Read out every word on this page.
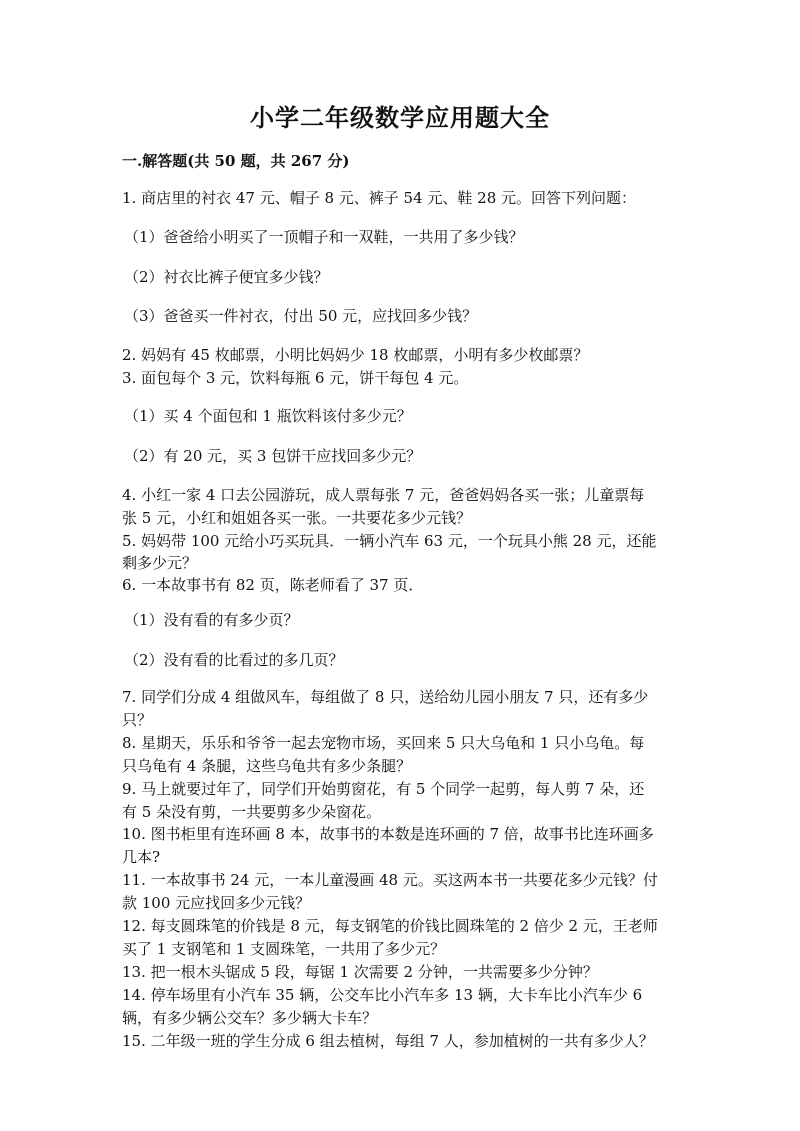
小学二年级数学应用题大全
一.解答题(共 50 题，共 267 分)
1. 商店里的衬衣 47 元、帽子 8 元、裤子 54 元、鞋 28 元。回答下列问题：
（1）爸爸给小明买了一顶帽子和一双鞋，一共用了多少钱？
（2）衬衣比裤子便宜多少钱？
（3）爸爸买一件衬衣，付出 50 元，应找回多少钱？
2. 妈妈有 45 枚邮票，小明比妈妈少 18 枚邮票，小明有多少枚邮票？
3. 面包每个 3 元，饮料每瓶 6 元，饼干每包 4 元。
（1）买 4 个面包和 1 瓶饮料该付多少元？
（2）有 20 元，买 3 包饼干应找回多少元？
4. 小红一家 4 口去公园游玩，成人票每张 7 元，爸爸妈妈各买一张；儿童票每
张 5 元，小红和姐姐各买一张。一共要花多少元钱？
5. 妈妈带 100 元给小巧买玩具．一辆小汽车 63 元，一个玩具小熊 28 元，还能
剩多少元？
6. 一本故事书有 82 页，陈老师看了 37 页．
（1）没有看的有多少页？
（2）没有看的比看过的多几页？
7. 同学们分成 4 组做风车，每组做了 8 只，送给幼儿园小朋友 7 只，还有多少
只？
8. 星期天，乐乐和爷爷一起去宠物市场，买回来 5 只大乌龟和 1 只小乌龟。每
只乌龟有 4 条腿，这些乌龟共有多少条腿？
9. 马上就要过年了，同学们开始剪窗花，有 5 个同学一起剪，每人剪 7 朵，还
有 5 朵没有剪，一共要剪多少朵窗花。
10. 图书柜里有连环画 8 本，故事书的本数是连环画的 7 倍，故事书比连环画多
几本?
11. 一本故事书 24 元，一本儿童漫画 48 元。买这两本书一共要花多少元钱？付
款 100 元应找回多少元钱？
12. 每支圆珠笔的价钱是 8 元，每支钢笔的价钱比圆珠笔的 2 倍少 2 元，王老师
买了 1 支钢笔和 1 支圆珠笔，一共用了多少元？
13. 把一根木头锯成 5 段，每锯 1 次需要 2 分钟，一共需要多少分钟？
14. 停车场里有小汽车 35 辆，公交车比小汽车多 13 辆，大卡车比小汽车少 6
辆，有多少辆公交车？多少辆大卡车？
15. 二年级一班的学生分成 6 组去植树，每组 7 人，参加植树的一共有多少人？
